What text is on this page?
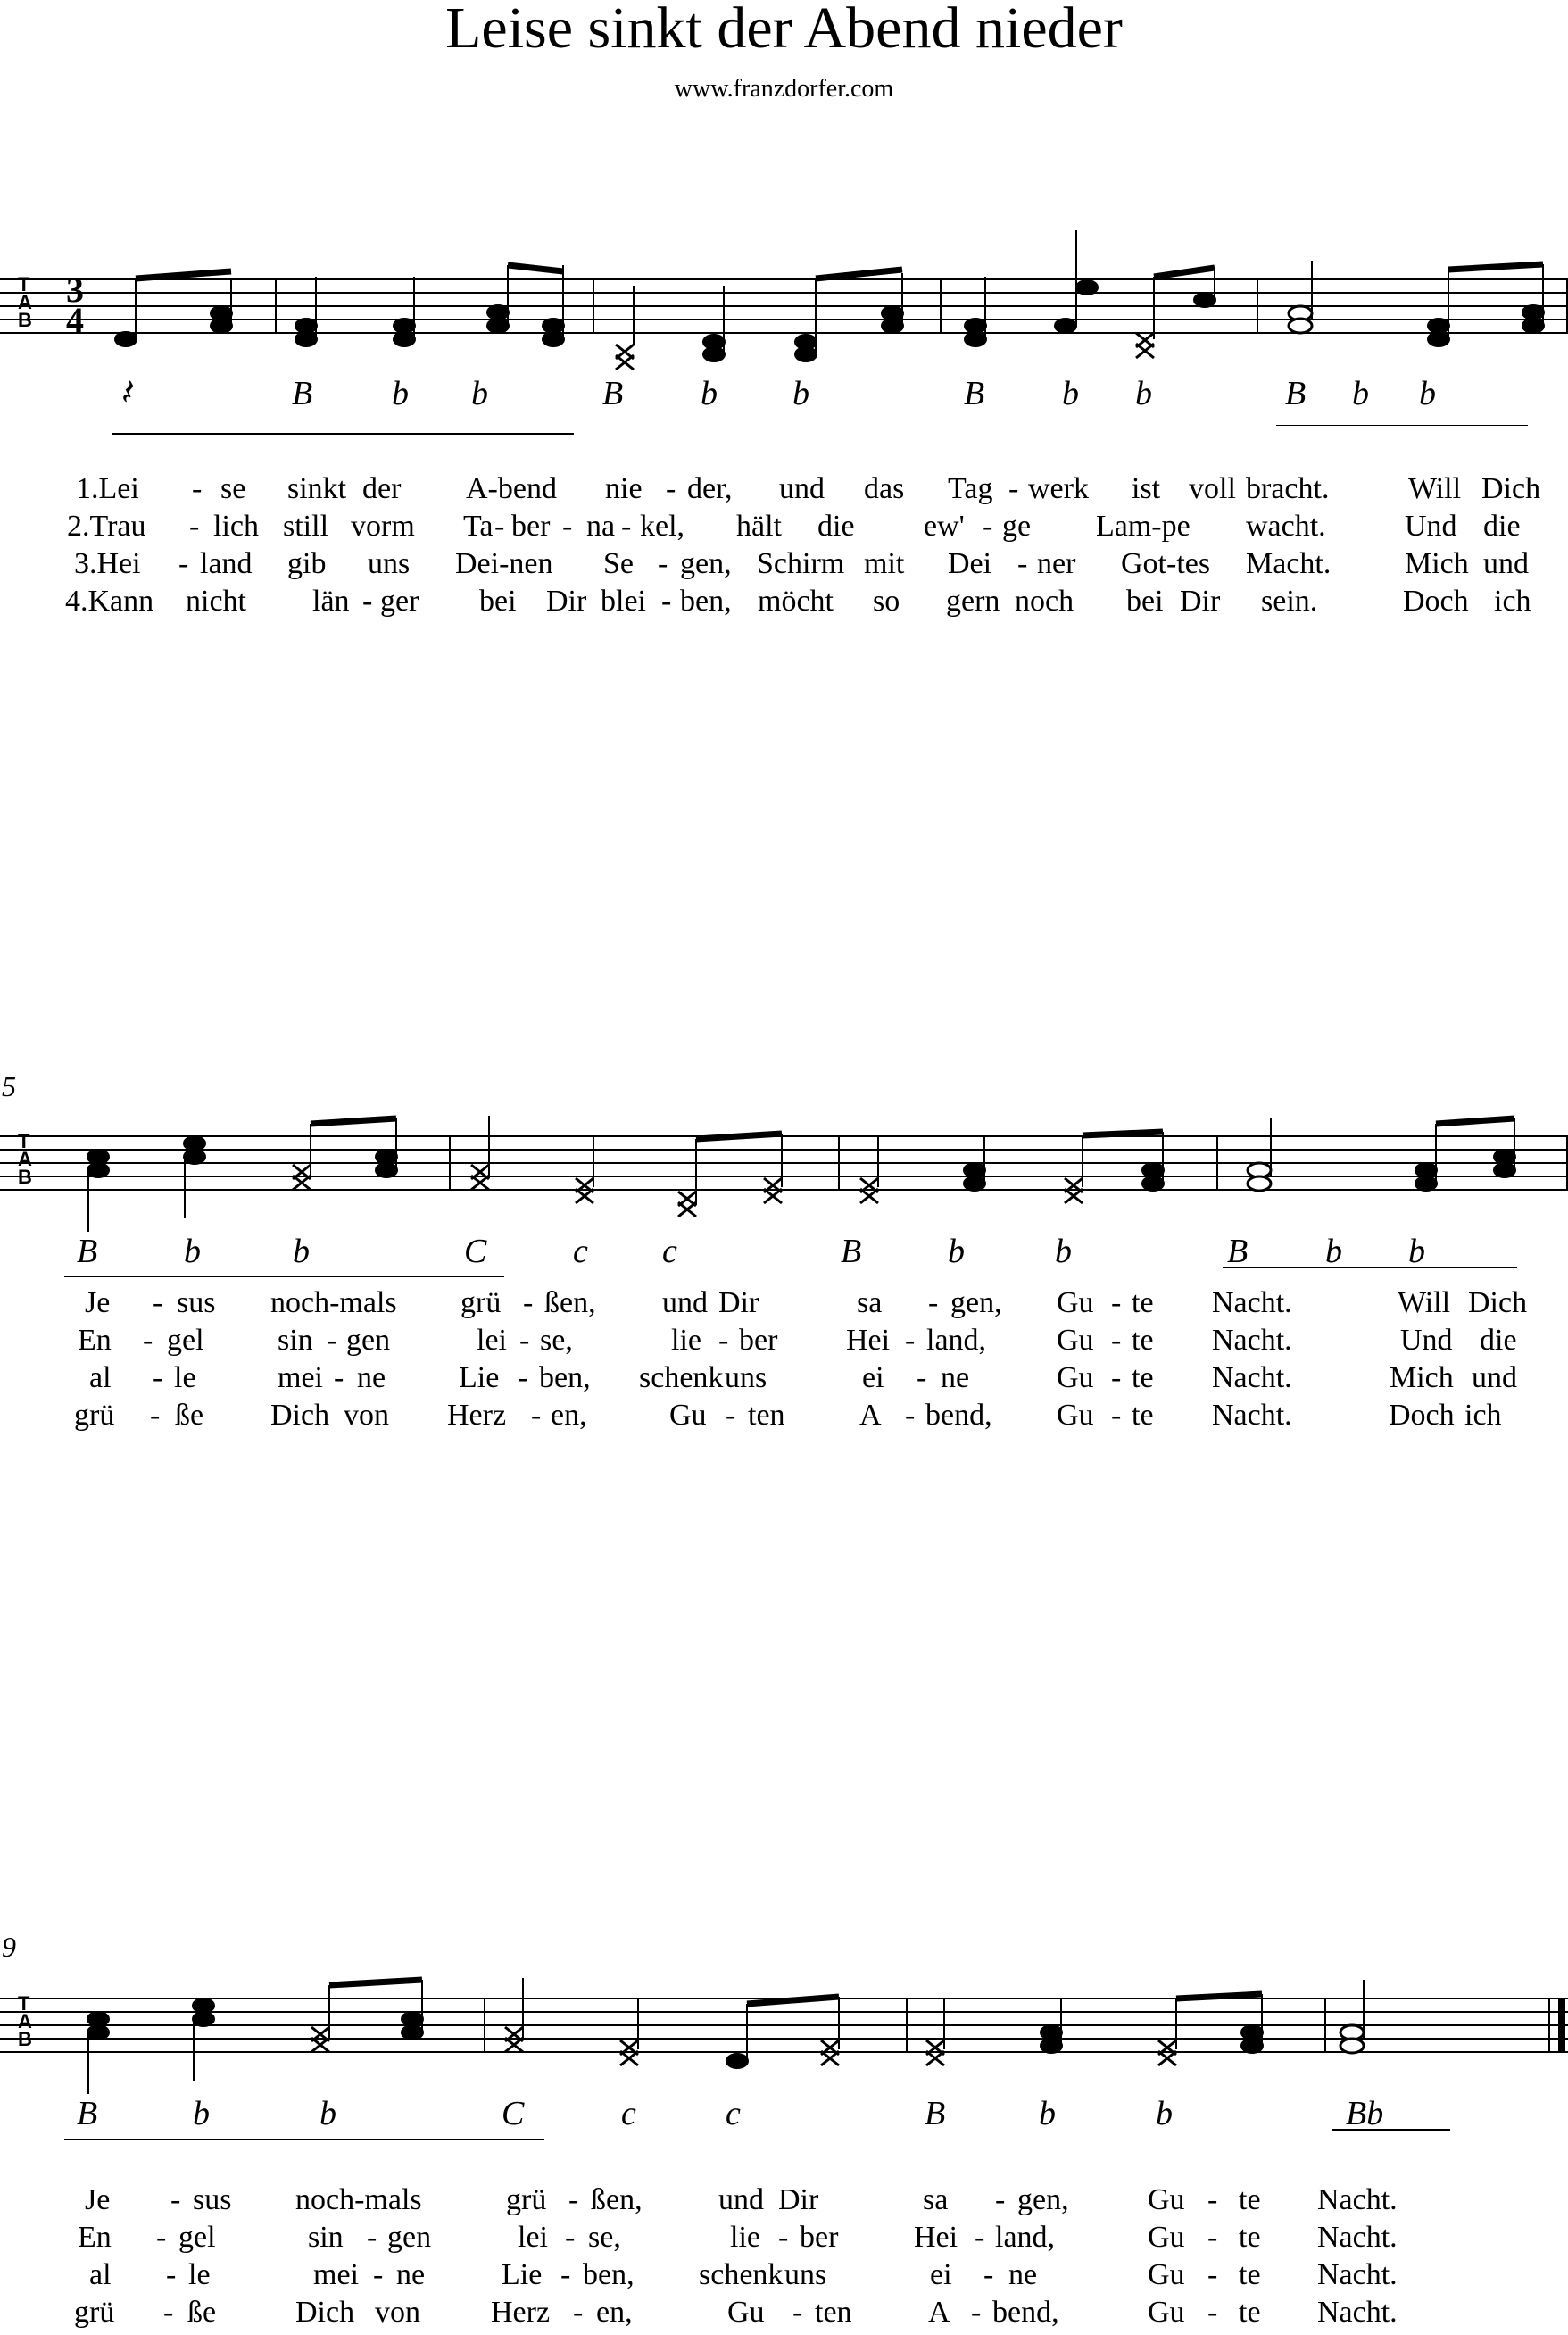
Leise sinkt der Abend nieder
www.franzdorfer.com
T
A
B
3
4
𝄽	B b b	B b b	B b b	B b b
1.Lei - se sinkt der A-bend nie - der, und das Tag - werk ist voll bracht.	Will Dich
2.Trau - lich still vorm Ta - ber - na - kel, hält die ew' - ge Lam-pe wacht.	Und die
3.Hei - land gib uns Dei-nen Se - gen, Schirm mit Dei - ner Got-tes Macht. Mich und
4.Kann nicht län - ger bei Dir blei - ben, möcht so gern noch bei Dir sein.	Doch ich
5
T
A
B
B	b	b	C	c c	B	b	b	B b b
Je - sus noch-mals grü - ßen, und Dir	sa - gen, Gu - te Nacht.	Will Dich
En - gel sin - gen	lei - se,	lie - ber Hei - land, Gu - te Nacht.	Und die
al - le	mei - ne Lie - ben, schenk uns	ei - ne	Gu - te Nacht.	Mich und
grü - ße Dich von Herz - en,	Gu - ten A - bend, Gu - te Nacht.	Doch ich
9
T
A
B
B	b	b	C	c	c	B	b	b	Bb
Je - sus noch-mals	grü - ßen,	und Dir	sa - gen,	Gu - te Nacht.
En - gel	sin - gen	lei - se,	lie - ber Hei - land,	Gu - te Nacht.
al - le	mei - ne	Lie - ben, schenk uns	ei - ne	Gu - te Nacht.
grü - ße	Dich von Herz - en,	Gu - ten	A - bend,	Gu - te Nacht.
